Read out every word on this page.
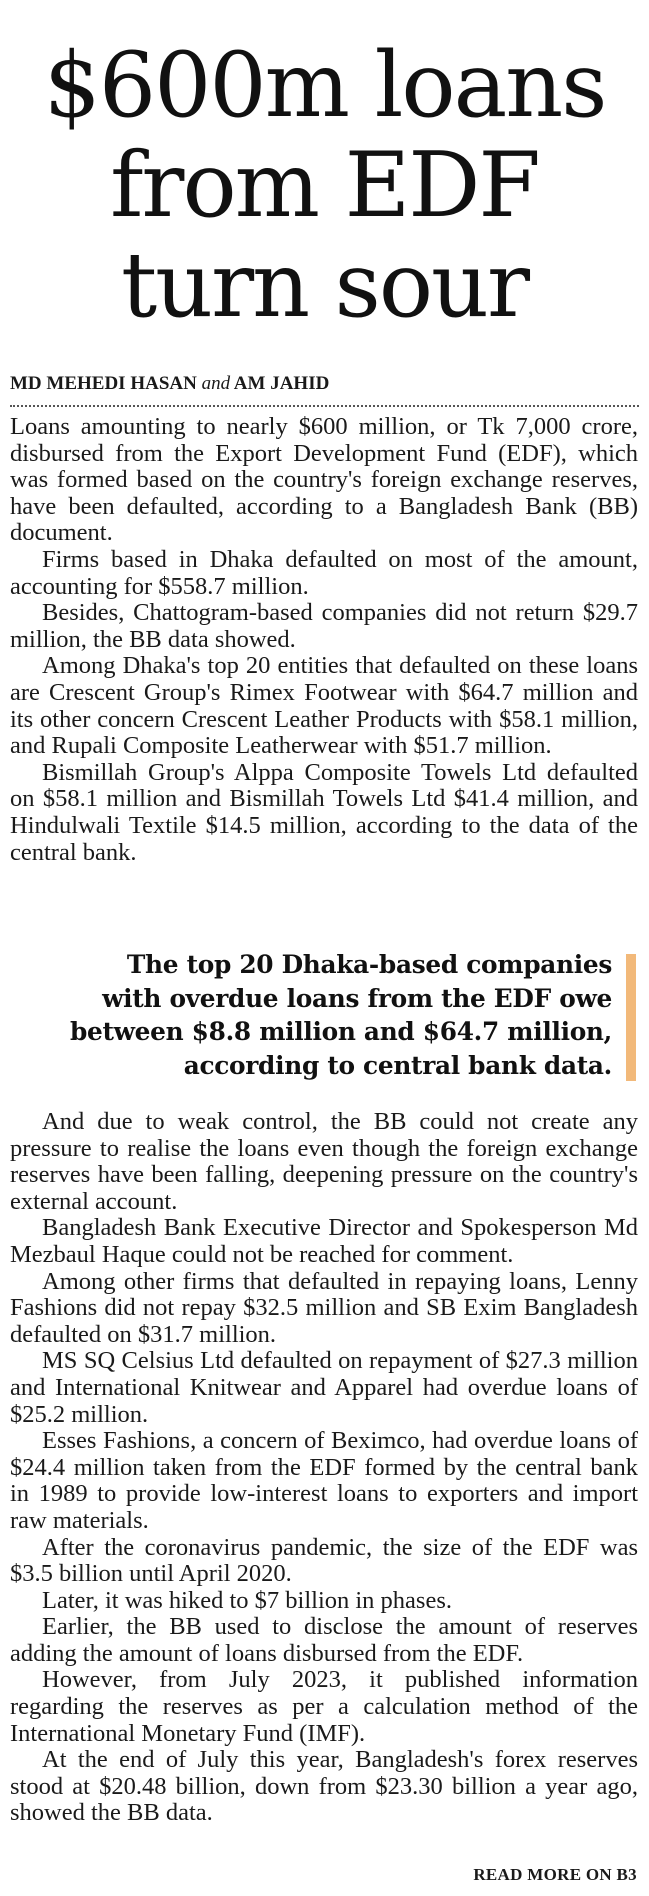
$600m loans
from EDF
turn sour
MD MEHEDI HASAN and AM JAHID

Loans amounting to nearly $600 million, or Tk 7,000 crore, disbursed from the Export Development Fund (EDF), which was formed based on the country's foreign exchange reserves, have been defaulted, according to a Bangladesh Bank (BB) document.

Firms based in Dhaka defaulted on most of the amount, accounting for $558.7 million.

Besides, Chattogram-based companies did not return $29.7 million, the BB data showed.

Among Dhaka's top 20 entities that defaulted on these loans are Crescent Group's Rimex Footwear with $64.7 million and its other concern Crescent Leather Products with $58.1 million, and Rupali Composite Leatherwear with $51.7 million.

Bismillah Group's Alppa Composite Towels Ltd defaulted on $58.1 million and Bismillah Towels Ltd $41.4 million, and Hindulwali Textile $14.5 million, according to the data of the central bank.

The top 20 Dhaka-based companies
with overdue loans from the EDF owe
between $8.8 million and $64.7 million,
according to central bank data.

And due to weak control, the BB could not create any pressure to realise the loans even though the foreign exchange reserves have been falling, deepening pressure on the country's external account.

Bangladesh Bank Executive Director and Spokesperson Md Mezbaul Haque could not be reached for comment.

Among other firms that defaulted in repaying loans, Lenny Fashions did not repay $32.5 million and SB Exim Bangladesh defaulted on $31.7 million.

MS SQ Celsius Ltd defaulted on repayment of $27.3 million and International Knitwear and Apparel had overdue loans of $25.2 million.

Esses Fashions, a concern of Beximco, had overdue loans of $24.4 million taken from the EDF formed by the central bank in 1989 to provide low-interest loans to exporters and import raw materials.

After the coronavirus pandemic, the size of the EDF was $3.5 billion until April 2020.

Later, it was hiked to $7 billion in phases.

Earlier, the BB used to disclose the amount of reserves adding the amount of loans disbursed from the EDF.

However, from July 2023, it published information regarding the reserves as per a calculation method of the International Monetary Fund (IMF).

At the end of July this year, Bangladesh's forex reserves stood at $20.48 billion, down from $23.30 billion a year ago, showed the BB data.

READ MORE ON B3
